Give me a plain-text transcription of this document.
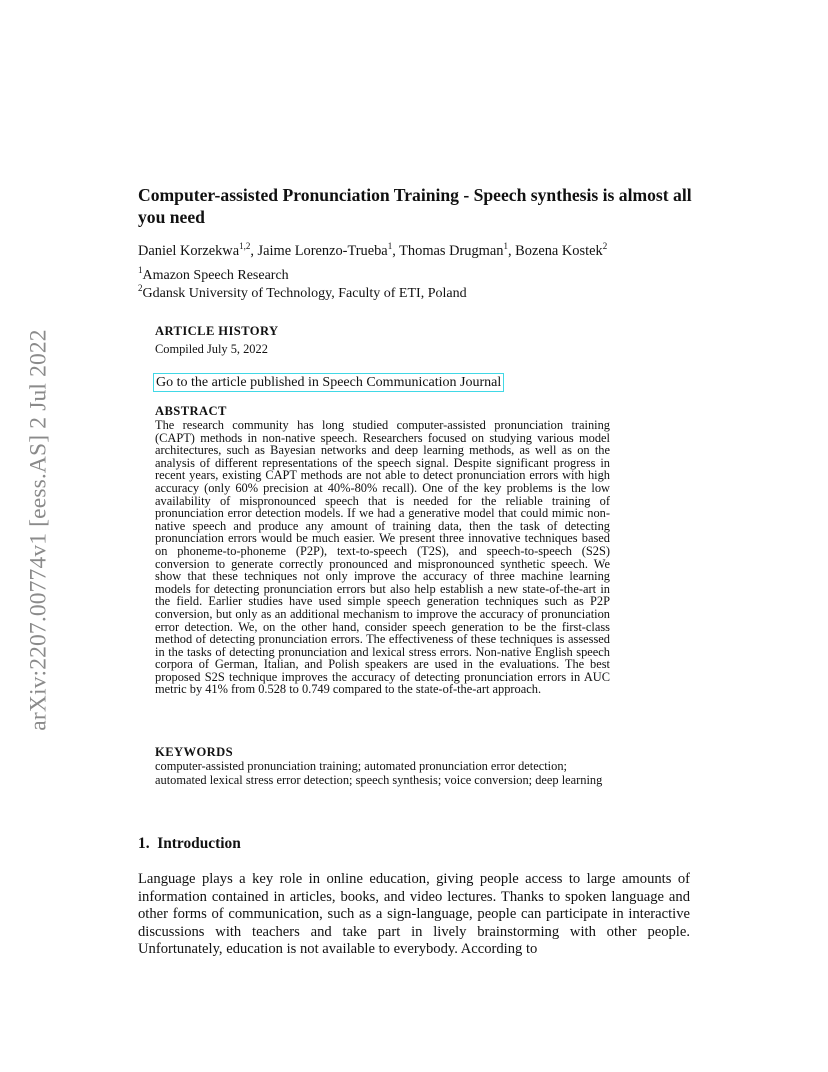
arXiv:2207.00774v1 [eess.AS] 2 Jul 2022
Computer-assisted Pronunciation Training - Speech synthesis is almost all you need
Daniel Korzekwa$^{1,2}$, Jaime Lorenzo-Trueba$^1$, Thomas Drugman$^1$, Bozena Kostek$^2$
$^1$Amazon Speech Research
$^2$Gdansk University of Technology, Faculty of ETI, Poland
ARTICLE HISTORY
Compiled July 5, 2022
Go to the article published in Speech Communication Journal
ABSTRACT

The research community has long studied computer-assisted pronunciation training (CAPT) methods in non-native speech. Researchers focused on studying various model architectures, such as Bayesian networks and deep learning methods, as well as on the analysis of different representations of the speech signal. Despite significant progress in recent years, existing CAPT methods are not able to detect pronunciation errors with high accuracy (only 60% precision at 40%-80% recall). One of the key problems is the low availability of mispronounced speech that is needed for the reliable training of pronunciation error detection models. If we had a generative model that could mimic non-native speech and produce any amount of training data, then the task of detecting pronunciation errors would be much easier. We present three innovative techniques based on phoneme-to-phoneme (P2P), text-to-speech (T2S), and speech-to-speech (S2S) conversion to generate correctly pronounced and mispronounced synthetic speech. We show that these techniques not only improve the accuracy of three machine learning models for detecting pronunciation errors but also help establish a new state-of-the-art in the field. Earlier studies have used simple speech generation techniques such as P2P conversion, but only as an additional mechanism to improve the accuracy of pronunciation error detection. We, on the other hand, consider speech generation to be the first-class method of detecting pronunciation errors. The effectiveness of these techniques is assessed in the tasks of detecting pronunciation and lexical stress errors. Non-native English speech corpora of German, Italian, and Polish speakers are used in the evaluations. The best proposed S2S technique improves the accuracy of detecting pronunciation errors in AUC metric by 41% from 0.528 to 0.749 compared to the state-of-the-art approach.

KEYWORDS
computer-assisted pronunciation training; automated pronunciation error detection; automated lexical stress error detection; speech synthesis; voice conversion; deep learning
1. Introduction

Language plays a key role in online education, giving people access to large amounts of information contained in articles, books, and video lectures. Thanks to spoken language and other forms of communication, such as a sign-language, people can participate in interactive discussions with teachers and take part in lively brainstorming with other people. Unfortunately, education is not available to everybody. According to
